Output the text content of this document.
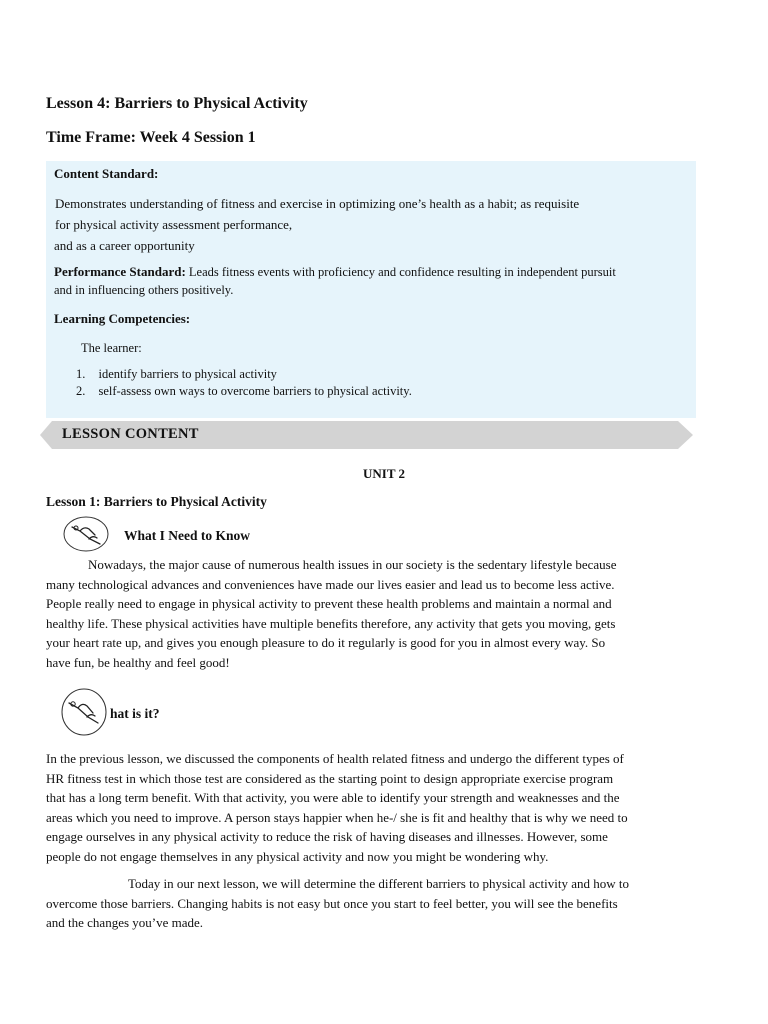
Lesson 4: Barriers to Physical Activity
Time Frame: Week 4 Session 1
Content Standard:
Demonstrates understanding of fitness and exercise in optimizing one’s health as a habit; as requisite
for physical activity assessment performance,
and as a career opportunity
Performance Standard: Leads fitness events with proficiency and confidence resulting in independent pursuit
and in influencing others positively.
Learning Competencies:
The learner:
1. identify barriers to physical activity
2. self-assess own ways to overcome barriers to physical activity.
LESSON CONTENT
UNIT 2
Lesson 1: Barriers to Physical Activity
What I Need to Know
Nowadays, the major cause of numerous health issues in our society is the sedentary lifestyle because
many technological advances and conveniences have made our lives easier and lead us to become less active.
People really need to engage in physical activity to prevent these health problems and maintain a normal and
healthy life. These physical activities have multiple benefits therefore, any activity that gets you moving, gets
your heart rate up, and gives you enough pleasure to do it regularly is good for you in almost every way. So
have fun, be healthy and feel good!
hat is it?
In the previous lesson, we discussed the components of health related fitness and undergo the different types of
HR fitness test in which those test are considered as the starting point to design appropriate exercise program
that has a long term benefit. With that activity, you were able to identify your strength and weaknesses and the
areas which you need to improve. A person stays happier when he-/ she is fit and healthy that is why we need to
engage ourselves in any physical activity to reduce the risk of having diseases and illnesses. However, some
people do not engage themselves in any physical activity and now you might be wondering why.
Today in our next lesson, we will determine the different barriers to physical activity and how to
overcome those barriers. Changing habits is not easy but once you start to feel better, you will see the benefits
and the changes you’ve made.
